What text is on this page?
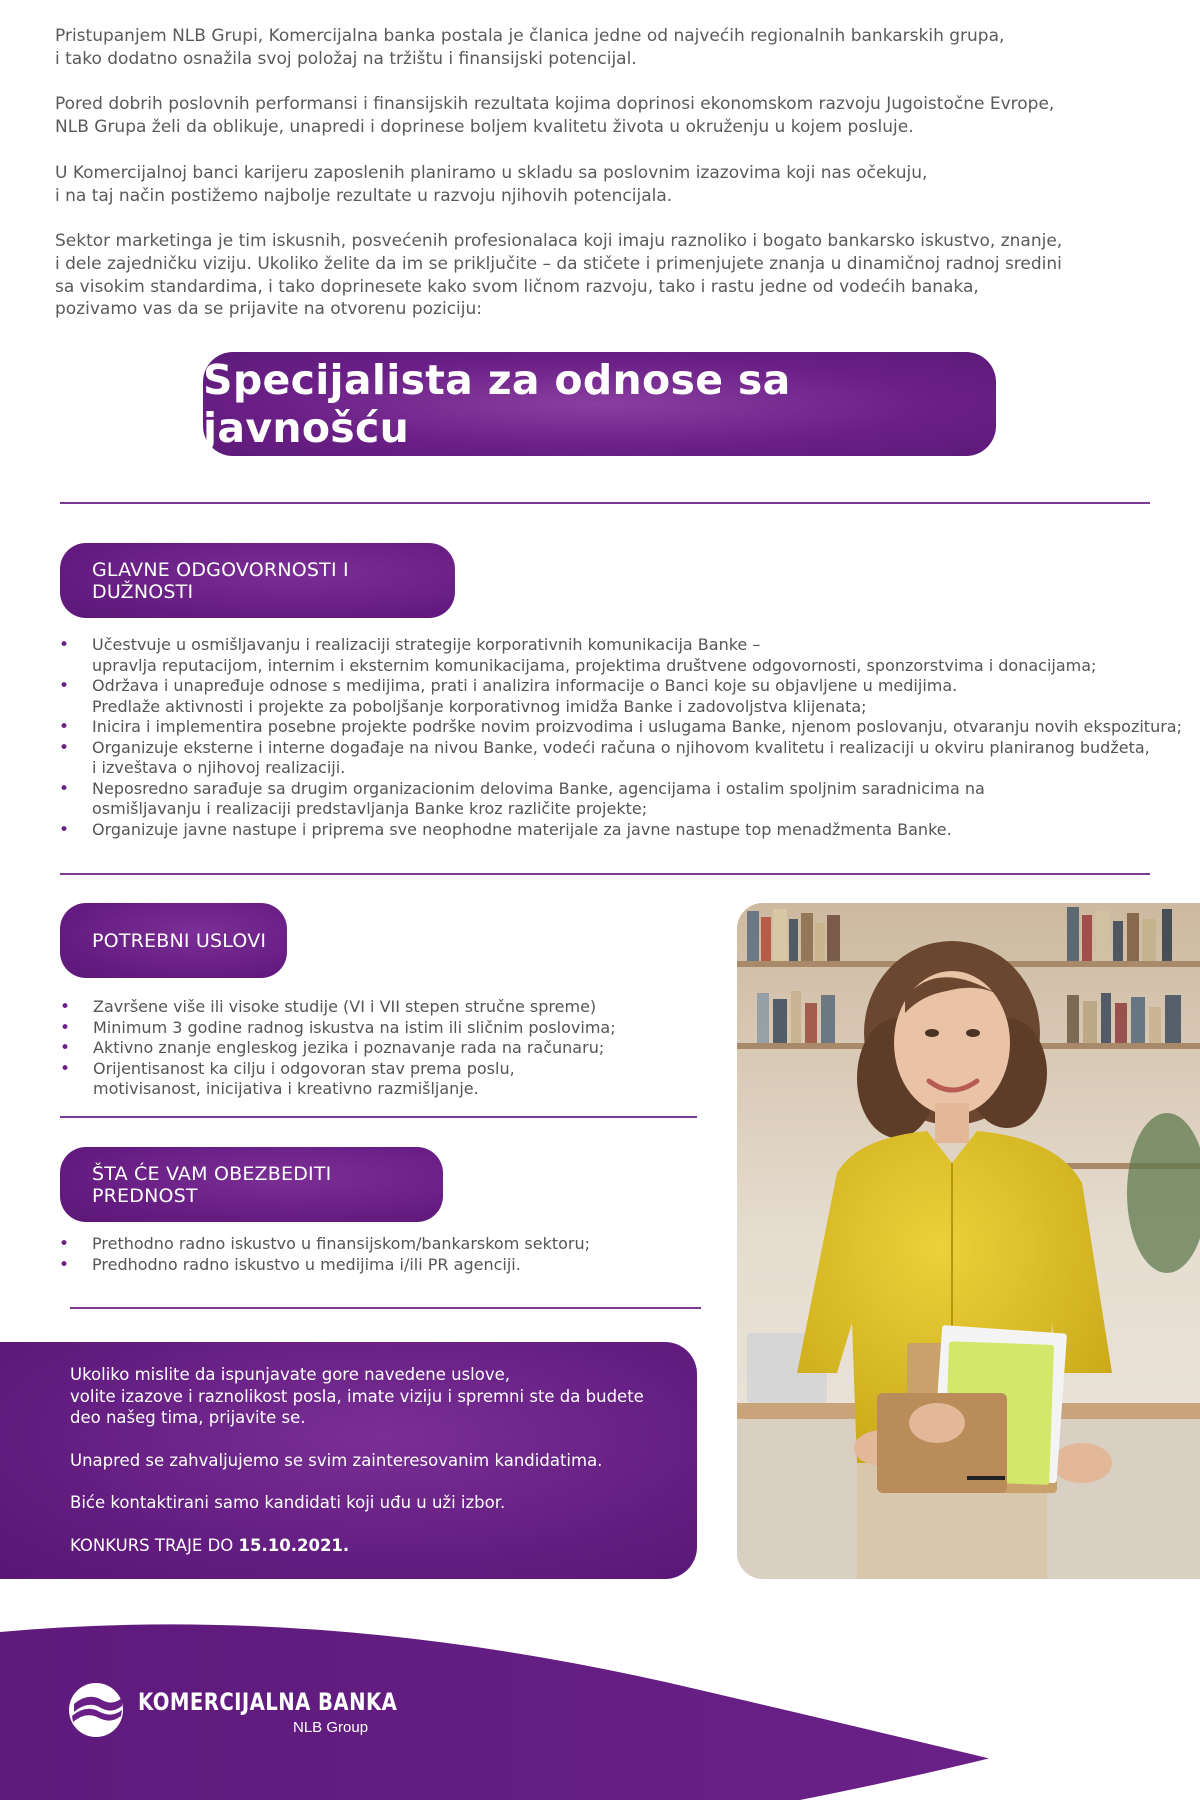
Pristupanjem NLB Grupi, Komercijalna banka postala je članica jedne od najvećih regionalnih bankarskih grupa,
i tako dodatno osnažila svoj položaj na tržištu i finansijski potencijal.
Pored dobrih poslovnih performansi i finansijskih rezultata kojima doprinosi ekonomskom razvoju Jugoistočne Evrope,
NLB Grupa želi da oblikuje, unapredi i doprinese boljem kvalitetu života u okruženju u kojem posluje.
U Komercijalnoj banci karijeru zaposlenih planiramo u skladu sa poslovnim izazovima koji nas očekuju,
i na taj način postižemo najbolje rezultate u razvoju njihovih potencijala.
Sektor marketinga je tim iskusnih, posvećenih profesionalaca koji imaju raznoliko i bogato bankarsko iskustvo, znanje,
i dele zajedničku viziju. Ukoliko želite da im se priključite – da stičete i primenjujete znanja u dinamičnoj radnoj sredini
sa visokim standardima, i tako doprinesete kako svom ličnom razvoju, tako i rastu jedne od vodećih banaka,
pozivamo vas da se prijavite na otvorenu poziciju:
Specijalista za odnose sa javnošću
GLAVNE ODGOVORNOSTI I DUŽNOSTI
• Učestvuje u osmišljavanju i realizaciji strategije korporativnih komunikacija Banke –
upravlja reputacijom, internim i eksternim komunikacijama, projektima društvene odgovornosti, sponzorstvima i donacijama;
• Održava i unapređuje odnose s medijima, prati i analizira informacije o Banci koje su objavljene u medijima.
Predlaže aktivnosti i projekte za poboljšanje korporativnog imidža Banke i zadovoljstva klijenata;
• Inicira i implementira posebne projekte podrške novim proizvodima i uslugama Banke, njenom poslovanju, otvaranju novih ekspozitura;
• Organizuje eksterne i interne događaje na nivou Banke, vodeći računa o njihovom kvalitetu i realizaciji u okviru planiranog budžeta,
i izveštava o njihovoj realizaciji.
• Neposredno sarađuje sa drugim organizacionim delovima Banke, agencijama i ostalim spoljnim saradnicima na
osmišljavanju i realizaciji predstavljanja Banke kroz različite projekte;
• Organizuje javne nastupe i priprema sve neophodne materijale za javne nastupe top menadžmenta Banke.
POTREBNI USLOVI
• Završene više ili visoke studije (VI i VII stepen stručne spreme)
• Minimum 3 godine radnog iskustva na istim ili sličnim poslovima;
• Aktivno znanje engleskog jezika i poznavanje rada na računaru;
• Orijentisanost ka cilju i odgovoran stav prema poslu,
motivisanost, inicijativa i kreativno razmišljanje.
ŠTA ĆE VAM OBEZBEDITI PREDNOST
• Prethodno radno iskustvo u finansijskom/bankarskom sektoru;
• Predhodno radno iskustvo u medijima i/ili PR agenciji.

Ukoliko mislite da ispunjavate gore navedene uslove,
volite izazove i raznolikost posla, imate viziju i spremni ste da budete
deo našeg tima, prijavite se.

Unapred se zahvaljujemo se svim zainteresovanim kandidatima.

Biće kontaktirani samo kandidati koji uđu u uži izbor.

KONKURS TRAJE DO 15.10.2021.

KOMERCIJALNA BANKA
NLB Group
